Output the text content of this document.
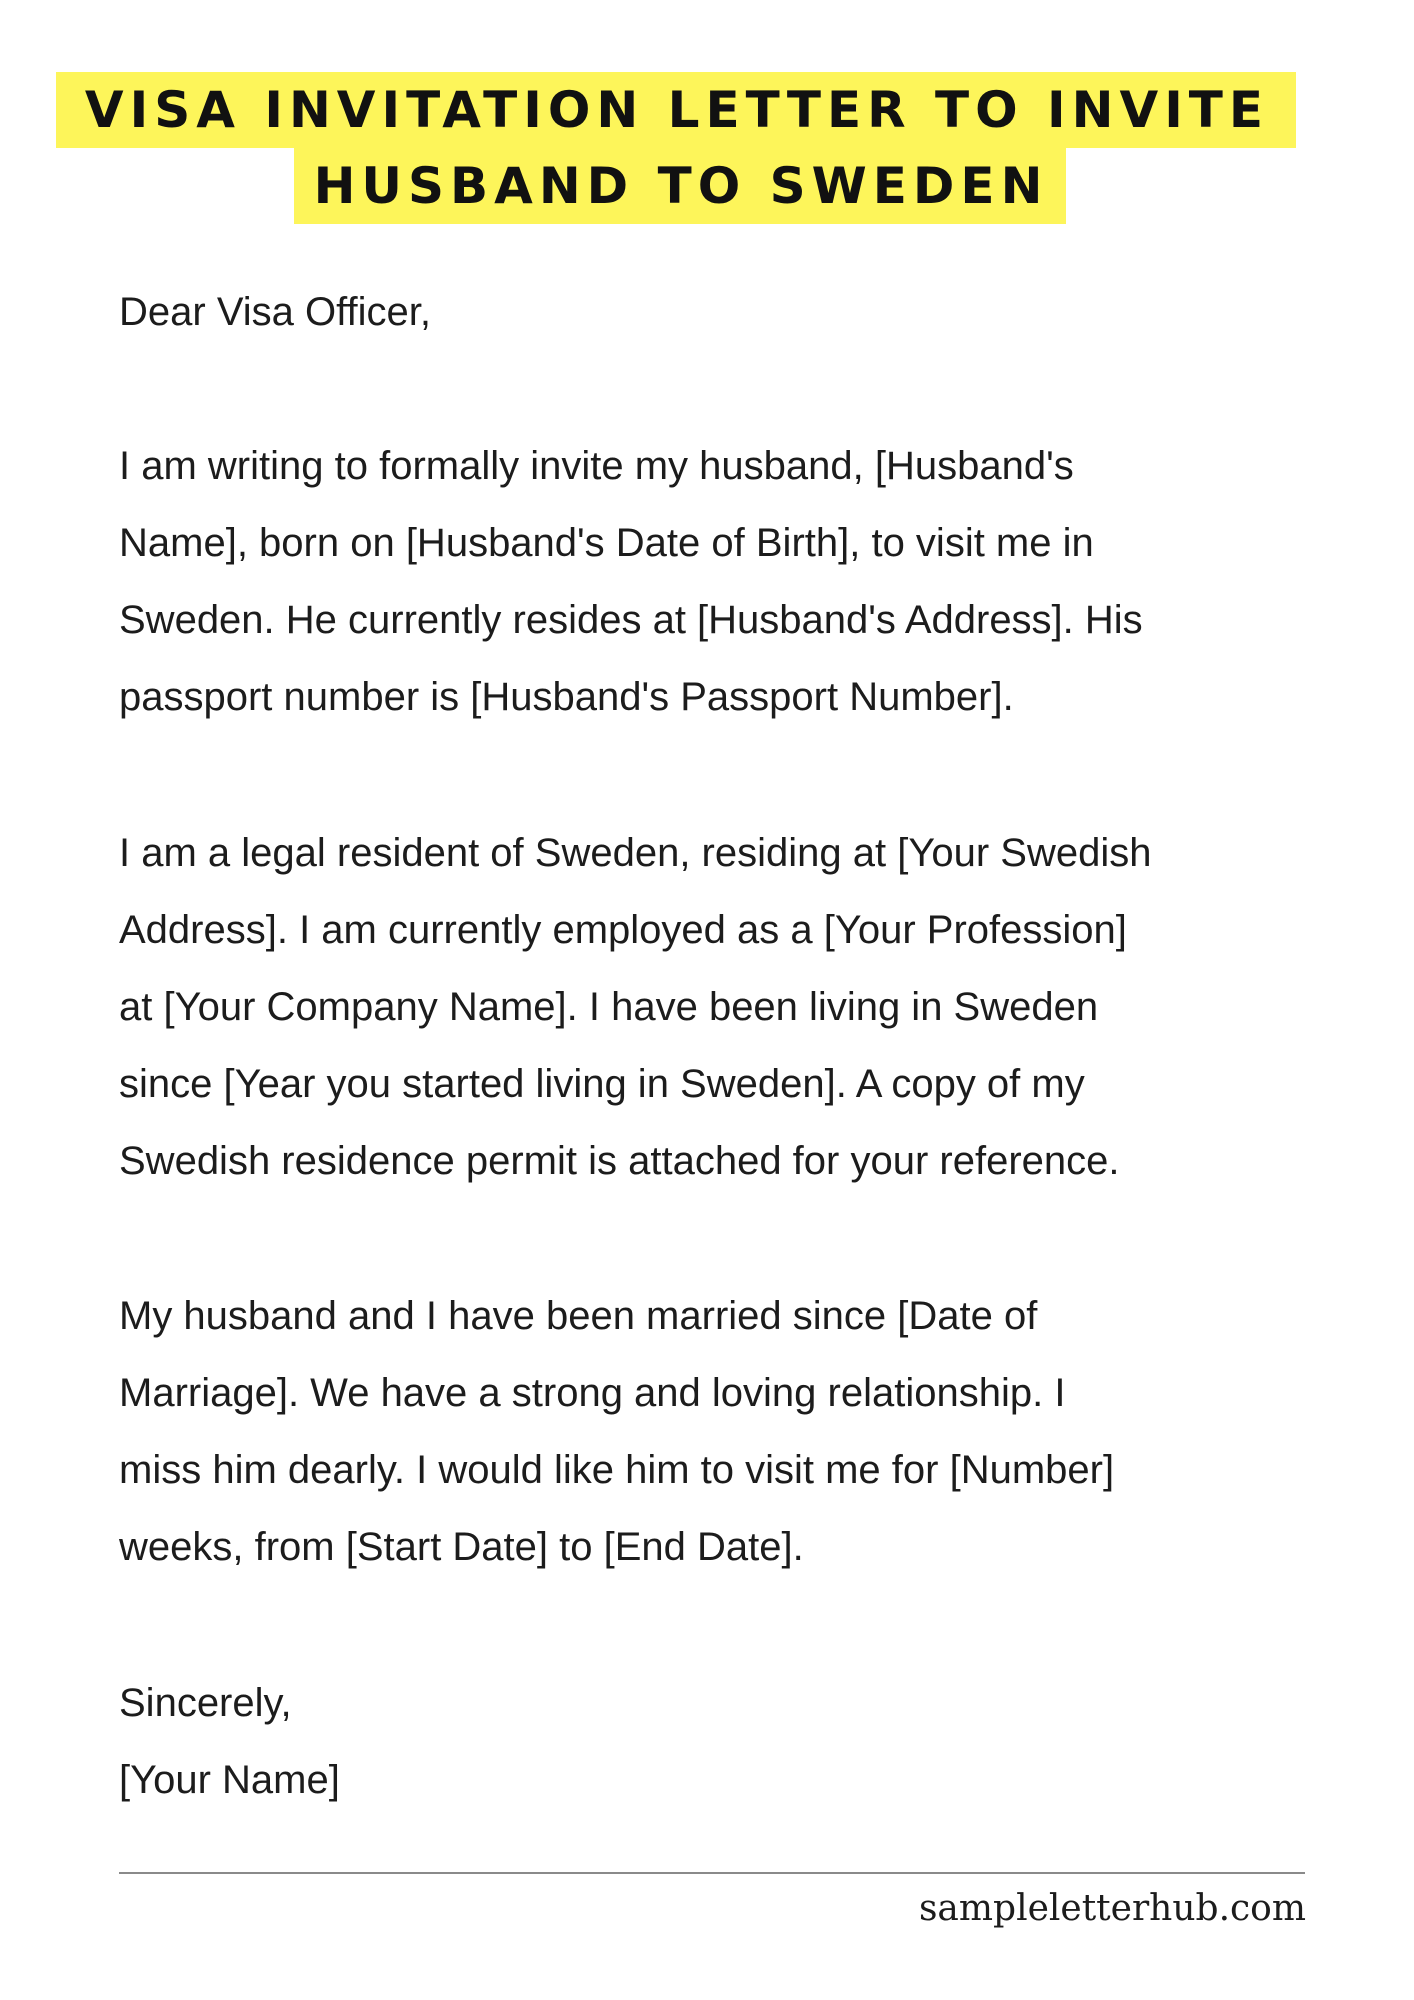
VISA INVITATION LETTER TO INVITE
HUSBAND TO SWEDEN
Dear Visa Officer,
I am writing to formally invite my husband, [Husband's
Name], born on [Husband's Date of Birth], to visit me in
Sweden. He currently resides at [Husband's Address]. His
passport number is [Husband's Passport Number].
I am a legal resident of Sweden, residing at [Your Swedish
Address]. I am currently employed as a [Your Profession]
at [Your Company Name]. I have been living in Sweden
since [Year you started living in Sweden]. A copy of my
Swedish residence permit is attached for your reference.
My husband and I have been married since [Date of
Marriage]. We have a strong and loving relationship. I
miss him dearly. I would like him to visit me for [Number]
weeks, from [Start Date] to [End Date].
Sincerely,
[Your Name]
sampleletterhub.com
